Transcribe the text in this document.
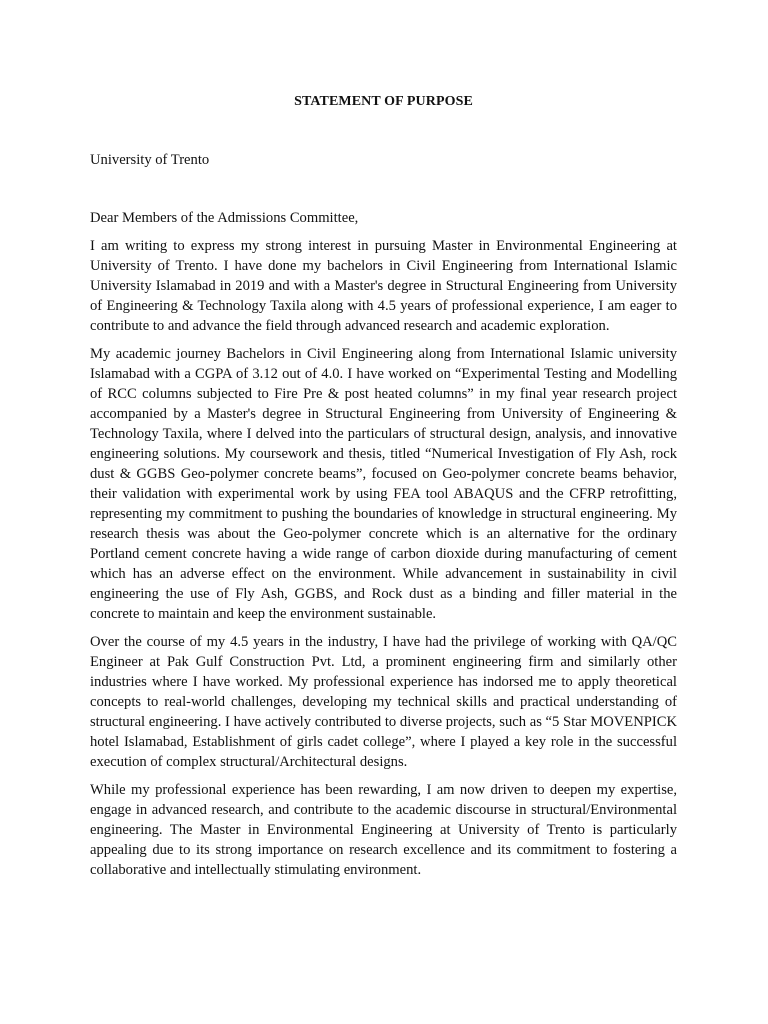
STATEMENT OF PURPOSE

University of Trento

Dear Members of the Admissions Committee,

I am writing to express my strong interest in pursuing Master in Environmental Engineering at University of Trento. I have done my bachelors in Civil Engineering from International Islamic University Islamabad in 2019 and with a Master's degree in Structural Engineering from University of Engineering & Technology Taxila along with 4.5 years of professional experience, I am eager to contribute to and advance the field through advanced research and academic exploration.

My academic journey Bachelors in Civil Engineering along from International Islamic university Islamabad with a CGPA of 3.12 out of 4.0. I have worked on “Experimental Testing and Modelling of RCC columns subjected to Fire Pre & post heated columns” in my final year research project accompanied by a Master's degree in Structural Engineering from University of Engineering & Technology Taxila, where I delved into the particulars of structural design, analysis, and innovative engineering solutions. My coursework and thesis, titled “Numerical Investigation of Fly Ash, rock dust & GGBS Geo-polymer concrete beams”, focused on Geo-polymer concrete beams behavior, their validation with experimental work by using FEA tool ABAQUS and the CFRP retrofitting, representing my commitment to pushing the boundaries of knowledge in structural engineering. My research thesis was about the Geo-polymer concrete which is an alternative for the ordinary Portland cement concrete having a wide range of carbon dioxide during manufacturing of cement which has an adverse effect on the environment. While advancement in sustainability in civil engineering the use of Fly Ash, GGBS, and Rock dust as a binding and filler material in the concrete to maintain and keep the environment sustainable.

Over the course of my 4.5 years in the industry, I have had the privilege of working with QA/QC Engineer at Pak Gulf Construction Pvt. Ltd, a prominent engineering firm and similarly other industries where I have worked. My professional experience has indorsed me to apply theoretical concepts to real-world challenges, developing my technical skills and practical understanding of structural engineering. I have actively contributed to diverse projects, such as “5 Star MOVENPICK hotel Islamabad, Establishment of girls cadet college”, where I played a key role in the successful execution of complex structural/Architectural designs.

While my professional experience has been rewarding, I am now driven to deepen my expertise, engage in advanced research, and contribute to the academic discourse in structural/Environmental engineering. The Master in Environmental Engineering at University of Trento is particularly appealing due to its strong importance on research excellence and its commitment to fostering a collaborative and intellectually stimulating environment.
